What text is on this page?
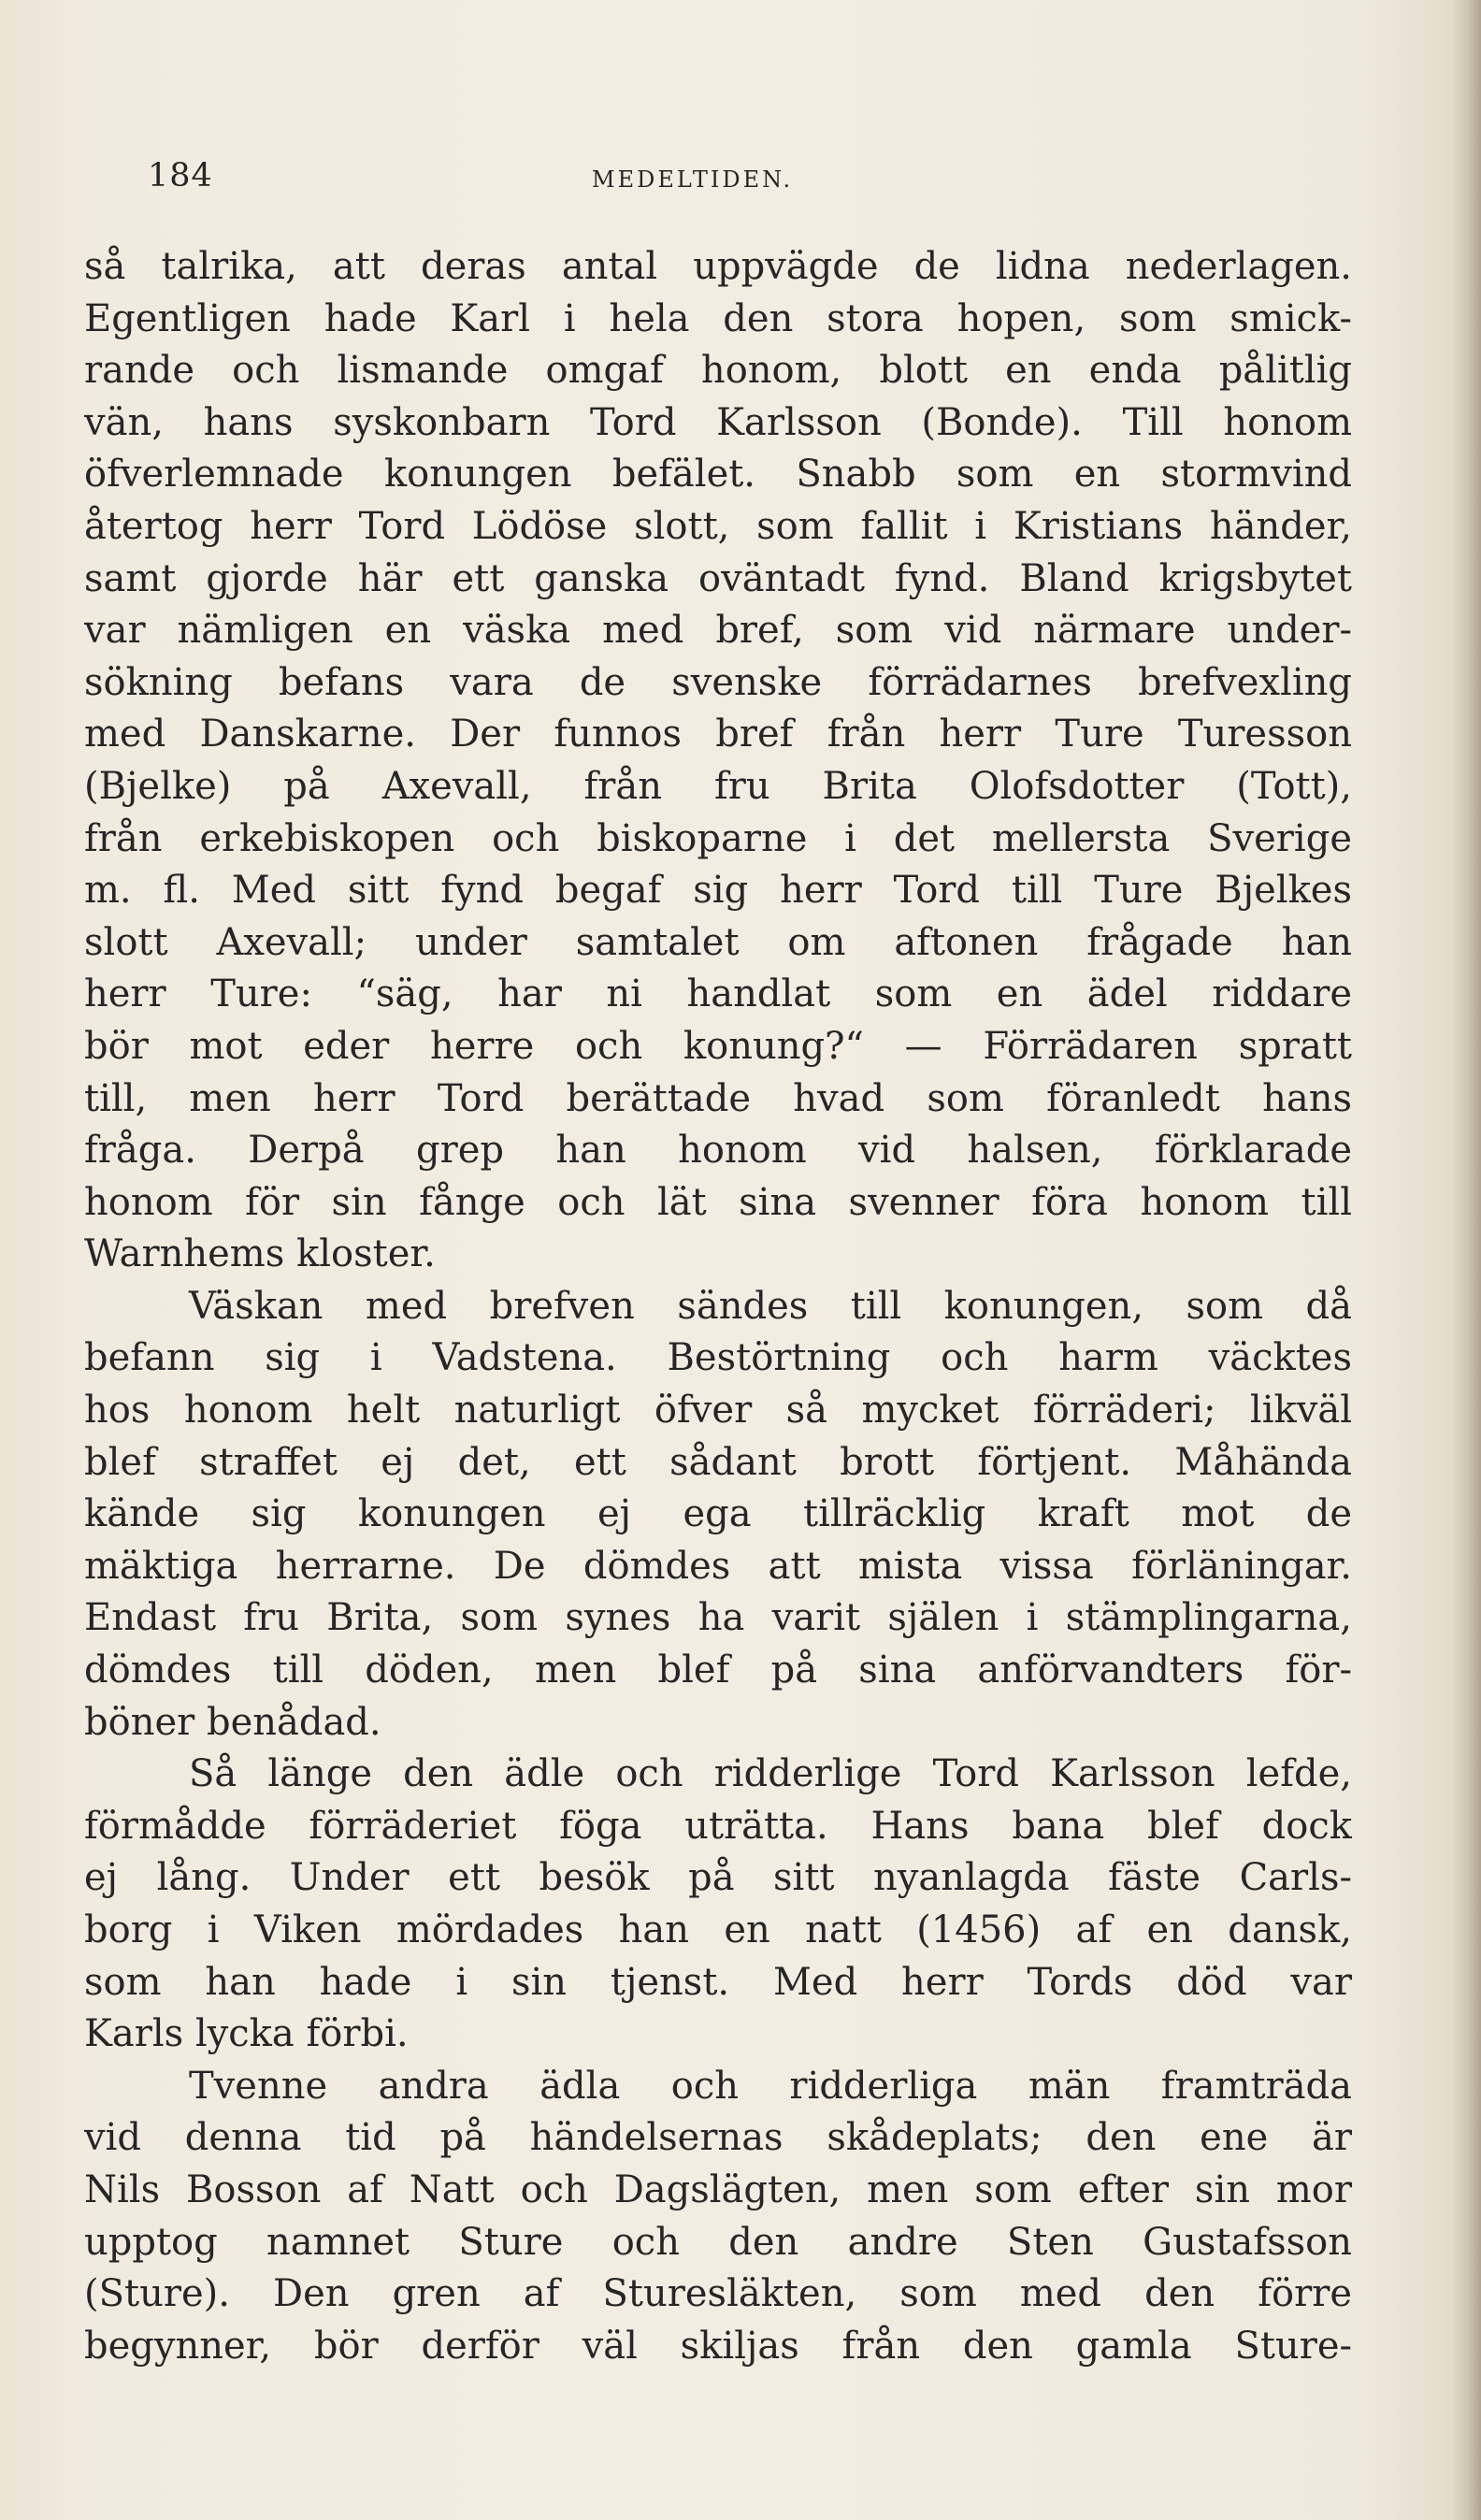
184	MEDELTIDEN.
så talrika, att deras antal uppvägde de lidna nederlagen.
Egentligen hade Karl i hela den stora hopen, som smick-
rande och lismande omgaf honom, blott en enda pålitlig
vän, hans syskonbarn Tord Karlsson (Bonde). Till honom
öfverlemnade konungen befälet. Snabb som en stormvind
återtog herr Tord Lödöse slott, som fallit i Kristians händer,
samt gjorde här ett ganska oväntadt fynd. Bland krigsbytet
var nämligen en väska med bref, som vid närmare under-
sökning befans vara de svenske förrädarnes brefvexling
med Danskarne. Der funnos bref från herr Ture Turesson
(Bjelke) på Axevall, från fru Brita Olofsdotter (Tott),
från erkebiskopen och biskoparne i det mellersta Sverige
m. fl. Med sitt fynd begaf sig herr Tord till Ture Bjelkes
slott Axevall; under samtalet om aftonen frågade han
herr Ture: “säg, har ni handlat som en ädel riddare
bör mot eder herre och konung?“ — Förrädaren spratt
till, men herr Tord berättade hvad som föranledt hans
fråga. Derpå grep han honom vid halsen, förklarade
honom för sin fånge och lät sina svenner föra honom till
Warnhems kloster.
Väskan med brefven sändes till konungen, som då
befann sig i Vadstena. Bestörtning och harm väcktes
hos honom helt naturligt öfver så mycket förräderi; likväl
blef straffet ej det, ett sådant brott förtjent. Måhända
kände sig konungen ej ega tillräcklig kraft mot de
mäktiga herrarne. De dömdes att mista vissa förläningar.
Endast fru Brita, som synes ha varit själen i stämplingarna,
dömdes till döden, men blef på sina anförvandters för-
böner benådad.
Så länge den ädle och ridderlige Tord Karlsson lefde,
förmådde förräderiet föga uträtta. Hans bana blef dock
ej lång. Under ett besök på sitt nyanlagda fäste Carls-
borg i Viken mördades han en natt (1456) af en dansk,
som han hade i sin tjenst. Med herr Tords död var
Karls lycka förbi.
Tvenne andra ädla och ridderliga män framträda
vid denna tid på händelsernas skådeplats; den ene är
Nils Bosson af Natt och Dagslägten, men som efter sin mor
upptog namnet Sture och den andre Sten Gustafsson
(Sture). Den gren af Sturesläkten, som med den förre
begynner, bör derför väl skiljas från den gamla Sture-
